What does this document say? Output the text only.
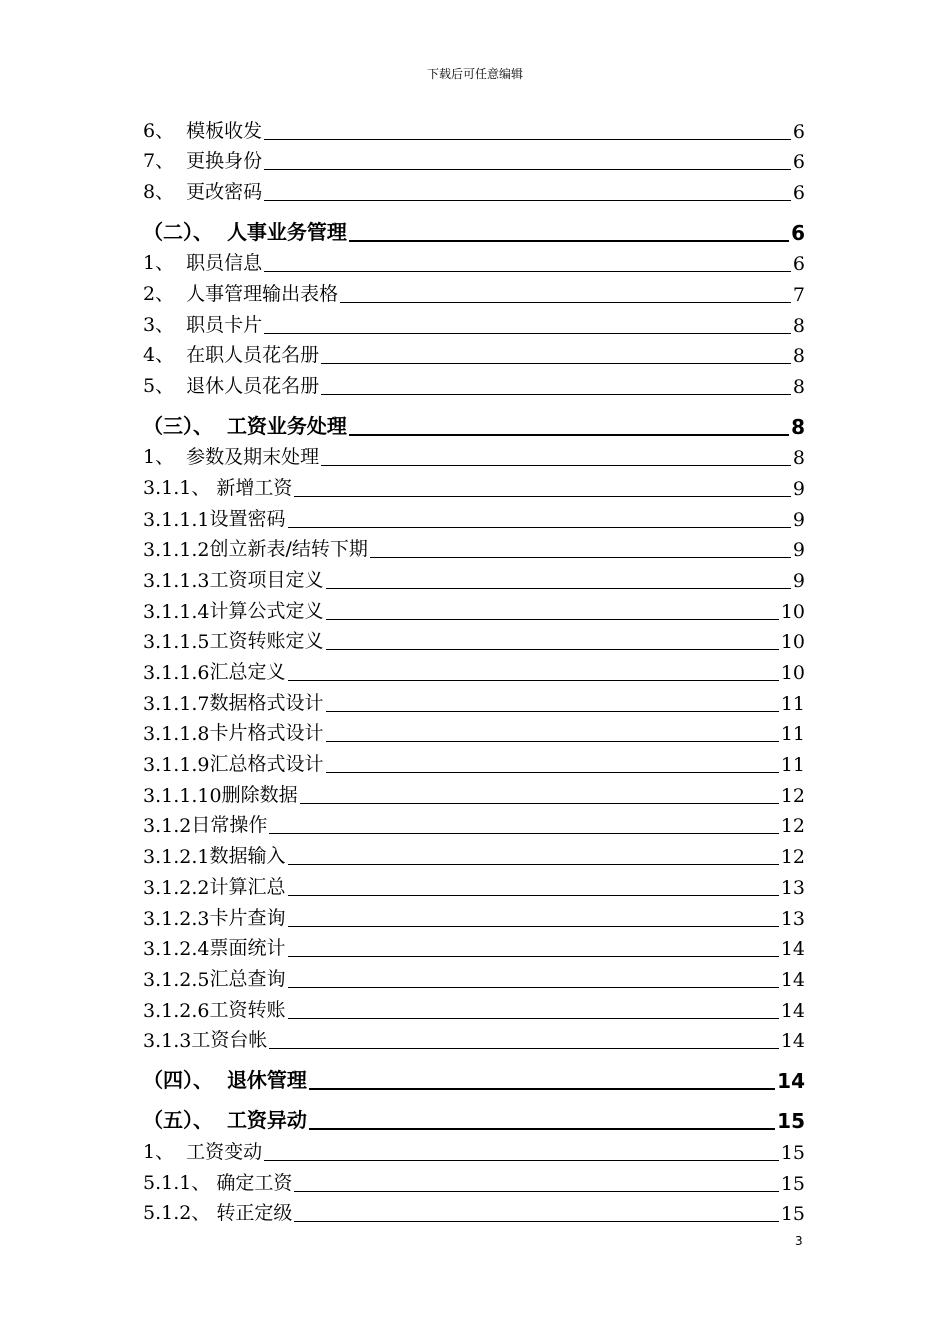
下载后可任意编辑
6、 模板收发	6
7、 更换身份	6
8、 更改密码	6
（二）、 人事业务管理	6
1、 职员信息	6
2、 人事管理输出表格	7
3、 职员卡片	8
4、 在职人员花名册	8
5、 退休人员花名册	8
（三）、 工资业务处理	8
1、 参数及期末处理	8
3.1.1、 新增工资	9
3.1.1.1 设置密码	9
3.1.1.2 创立新表/结转下期	9
3.1.1.3 工资项目定义	9
3.1.1.4 计算公式定义	10
3.1.1.5 工资转账定义	10
3.1.1.6 汇总定义	10
3.1.1.7 数据格式设计	11
3.1.1.8 卡片格式设计	11
3.1.1.9 汇总格式设计	11
3.1.1.10 删除数据	12
3.1.2 日常操作	12
3.1.2.1 数据输入	12
3.1.2.2 计算汇总	13
3.1.2.3 卡片查询	13
3.1.2.4 票面统计	14
3.1.2.5 汇总查询	14
3.1.2.6 工资转账	14
3.1.3 工资台帐	14
（四）、 退休管理	14
（五）、 工资异动	15
1、 工资变动	15
5.1.1、 确定工资	15
5.1.2、 转正定级	15
3
